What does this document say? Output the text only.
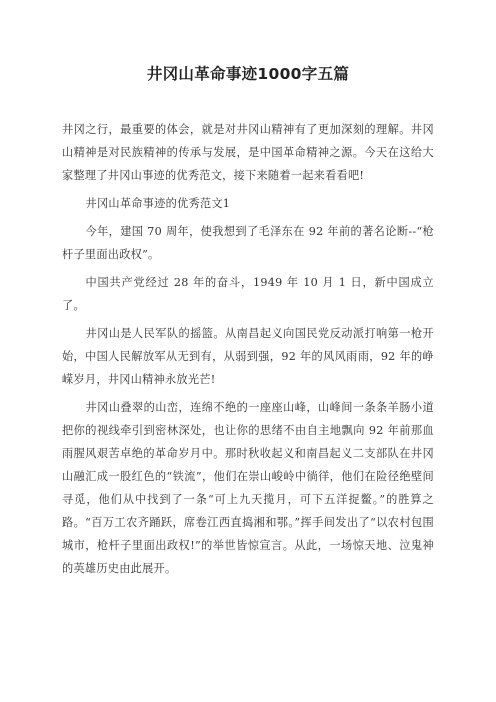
井冈山革命事迹1000字五篇

井冈之行，最重要的体会，就是对井冈山精神有了更加深刻的理解。井冈山精神是对民族精神的传承与发展，是中国革命精神之源。今天在这给大家整理了井冈山事迹的优秀范文，接下来随着一起来看看吧!

井冈山革命事迹的优秀范文1

今年，建国 70 周年，使我想到了毛泽东在 92 年前的著名论断--“枪杆子里面出政权”。

中国共产党经过 28 年的奋斗，1949 年 10 月 1 日，新中国成立了。

井冈山是人民军队的摇篮。从南昌起义向国民党反动派打响第一枪开始，中国人民解放军从无到有，从弱到强，92 年的风风雨雨，92 年的峥嵘岁月，井冈山精神永放光芒!

井冈山叠翠的山峦，连绵不绝的一座座山峰，山峰间一条条羊肠小道把你的视线牵引到密林深处，也让你的思绪不由自主地飘向 92 年前那血雨腥风艰苦卓绝的革命岁月中。那时秋收起义和南昌起义二支部队在井冈山融汇成一股红色的“铁流”，他们在崇山峻岭中徜徉，他们在险径绝壁间寻觅，他们从中找到了一条“可上九天揽月，可下五洋捉鳖。”的胜算之路。“百万工农齐踊跃，席卷江西直捣湘和鄂。”挥手间发出了“以农村包围城市，枪杆子里面出政权!”的举世皆惊宣言。从此，一场惊天地、泣鬼神的英雄历史由此展开。
